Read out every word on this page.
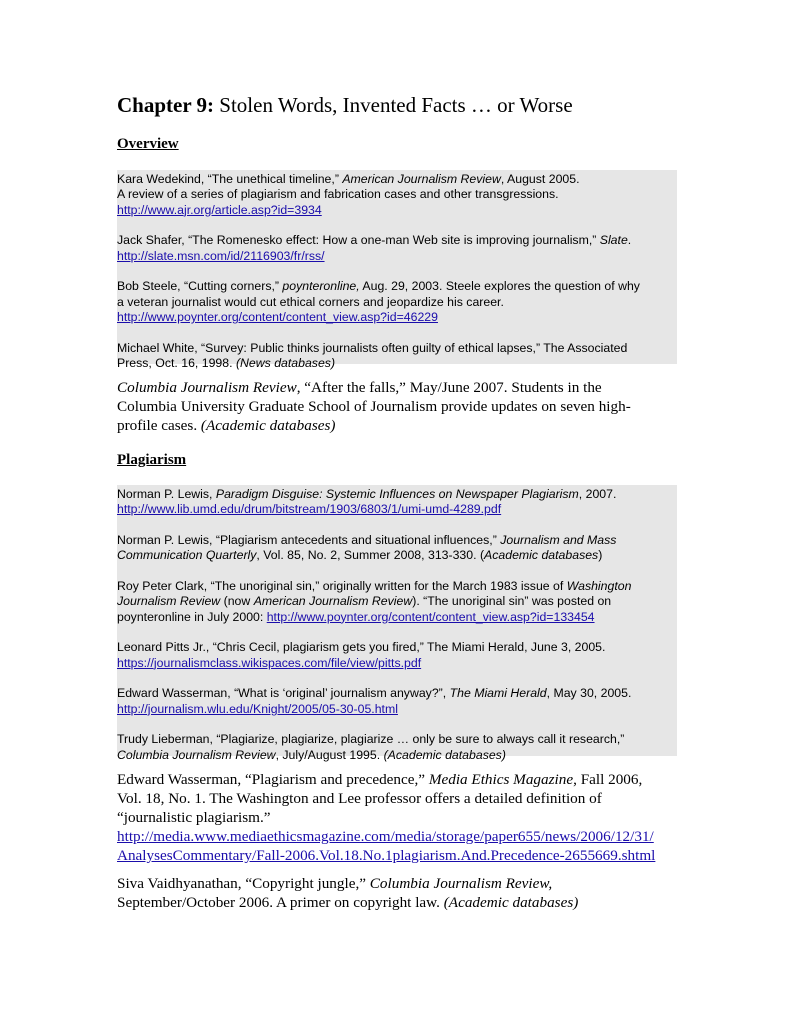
Chapter 9: Stolen Words, Invented Facts … or Worse
Overview
Kara Wedekind, “The unethical timeline,” American Journalism Review, August 2005.
A review of a series of plagiarism and fabrication cases and other transgressions.
http://www.ajr.org/article.asp?id=3934
Jack Shafer, “The Romenesko effect: How a one-man Web site is improving journalism,” Slate.
http://slate.msn.com/id/2116903/fr/rss/
Bob Steele, “Cutting corners,” poynteronline, Aug. 29, 2003. Steele explores the question of why
a veteran journalist would cut ethical corners and jeopardize his career.
http://www.poynter.org/content/content_view.asp?id=46229
Michael White, “Survey: Public thinks journalists often guilty of ethical lapses,” The Associated
Press, Oct. 16, 1998. (News databases)
Columbia Journalism Review, “After the falls,” May/June 2007. Students in the
Columbia University Graduate School of Journalism provide updates on seven high-
profile cases. (Academic databases)
Plagiarism
Norman P. Lewis, Paradigm Disguise: Systemic Influences on Newspaper Plagiarism, 2007.
http://www.lib.umd.edu/drum/bitstream/1903/6803/1/umi-umd-4289.pdf
Norman P. Lewis, “Plagiarism antecedents and situational influences,” Journalism and Mass
Communication Quarterly, Vol. 85, No. 2, Summer 2008, 313-330. (Academic databases)
Roy Peter Clark, “The unoriginal sin,” originally written for the March 1983 issue of Washington
Journalism Review (now American Journalism Review). “The unoriginal sin” was posted on
poynteronline in July 2000: http://www.poynter.org/content/content_view.asp?id=133454
Leonard Pitts Jr., “Chris Cecil, plagiarism gets you fired,” The Miami Herald, June 3, 2005.
https://journalismclass.wikispaces.com/file/view/pitts.pdf
Edward Wasserman, “What is ‘original’ journalism anyway?”, The Miami Herald, May 30, 2005.
http://journalism.wlu.edu/Knight/2005/05-30-05.html
Trudy Lieberman, “Plagiarize, plagiarize, plagiarize … only be sure to always call it research,”
Columbia Journalism Review, July/August 1995. (Academic databases)
Edward Wasserman, “Plagiarism and precedence,” Media Ethics Magazine, Fall 2006,
Vol. 18, No. 1. The Washington and Lee professor offers a detailed definition of
“journalistic plagiarism.”
http://media.www.mediaethicsmagazine.com/media/storage/paper655/news/2006/12/31/
AnalysesCommentary/Fall-2006.Vol.18.No.1plagiarism.And.Precedence-2655669.shtml
Siva Vaidhyanathan, “Copyright jungle,” Columbia Journalism Review,
September/October 2006. A primer on copyright law. (Academic databases)
